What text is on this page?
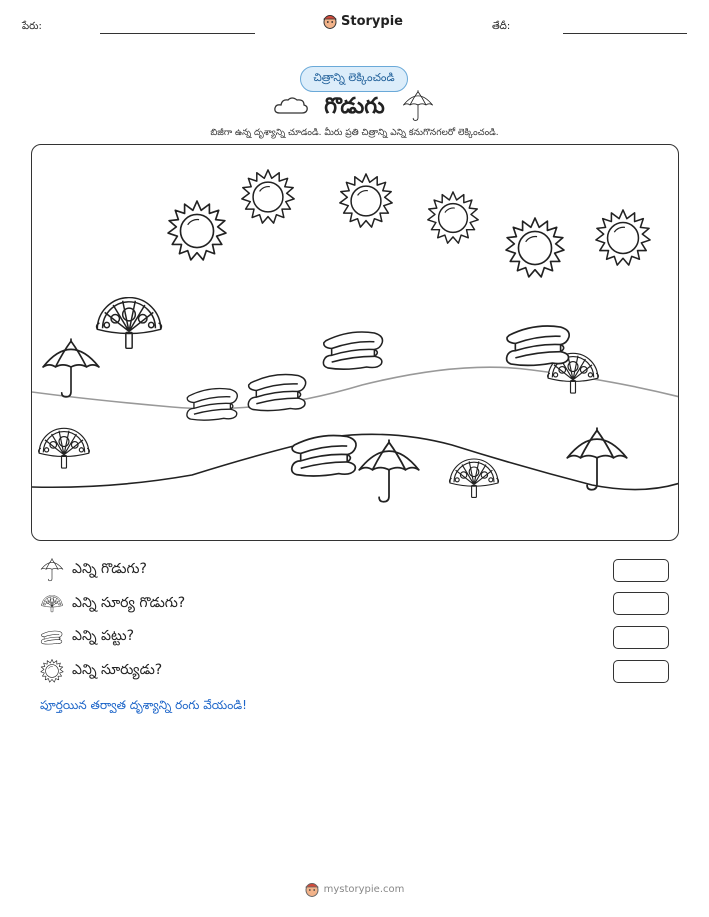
పేరు:	Storypie	తేదీ:
చిత్రాన్ని లెక్కించండి
గొడుగు
బిజీగా ఉన్న దృశ్యాన్ని చూడండి. మీరు ప్రతి చిత్రాన్ని ఎన్ని కనుగొనగలరో లెక్కించండి.
ఎన్ని గొడుగు?
ఎన్ని సూర్య గొడుగు?
ఎన్ని పట్టు?
ఎన్ని సూర్యుడు?
పూర్తయిన తర్వాత దృశ్యాన్ని రంగు వేయండి!
mystorypie.com
